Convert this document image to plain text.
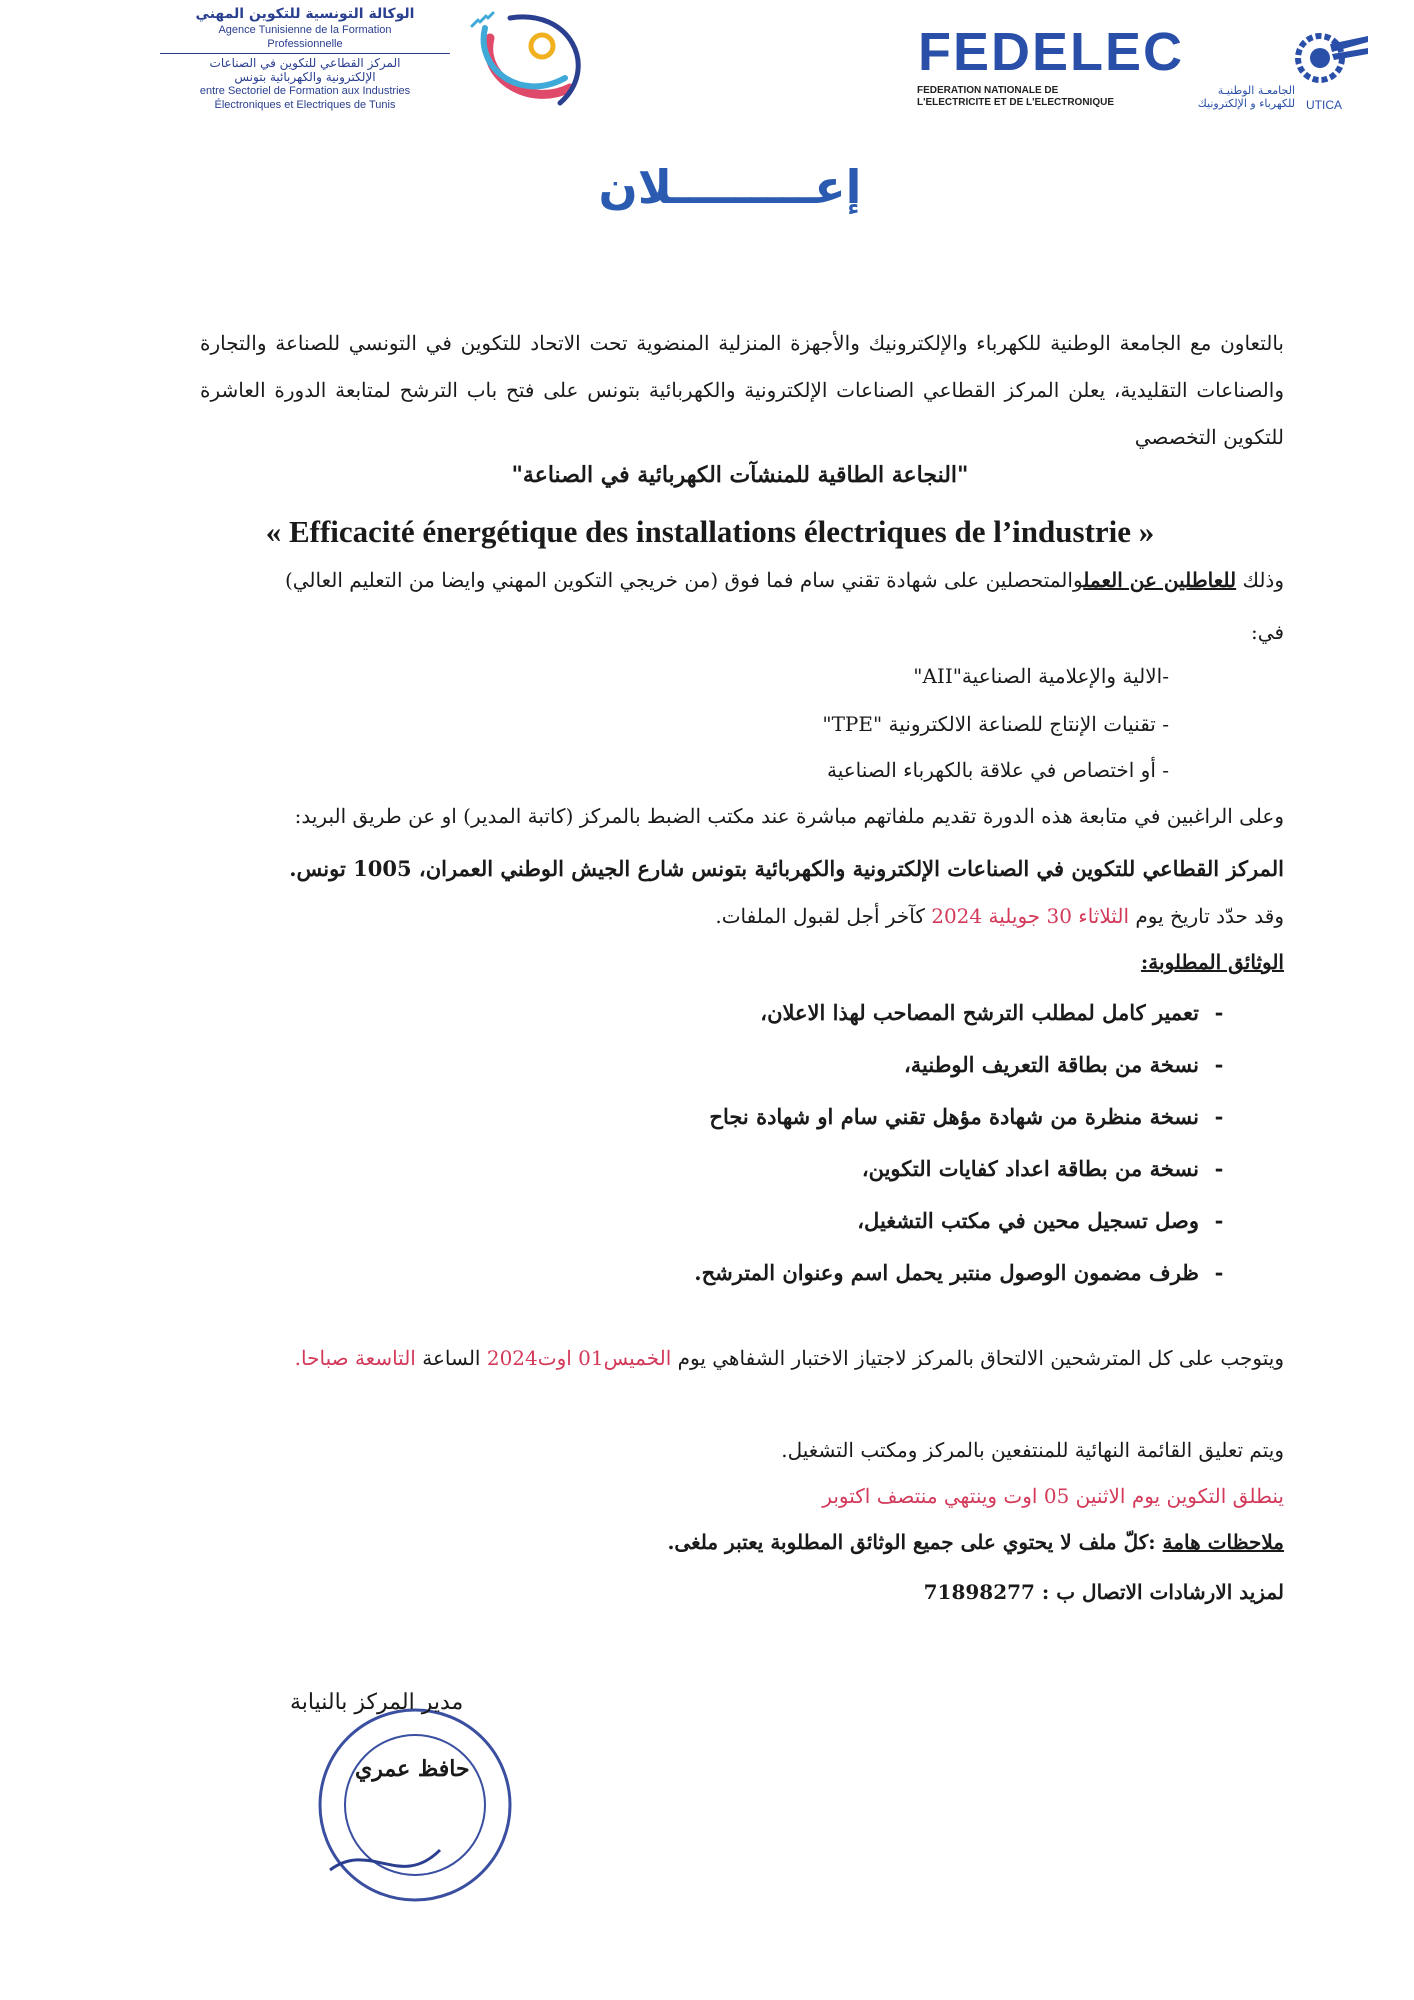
الوكالة التونسية للتكوين المهني
Agence Tunisienne de la Formation
Professionnelle
المركز القطاعي للتكوين في الصناعات
الإلكترونية والكهربائية بتونس
entre Sectoriel de Formation aux Industries
Électroniques et Electriques de Tunis
FEDELEC
FEDERATION NATIONALE DE
L'ELECTRICITE ET DE L'ELECTRONIQUE
الجامعـة الوطنيـة
للكهرباء و الإلكترونيك UTICA
إعـــــــــلان
بالتعاون مع الجامعة الوطنية للكهرباء والإلكترونيك والأجهزة المنزلية المنضوية تحت الاتحاد للتكوين في التونسي للصناعة والتجارة والصناعات التقليدية، يعلن المركز القطاعي الصناعات الإلكترونية والكهربائية بتونس على فتح باب الترشح لمتابعة الدورة العاشرة للتكوين التخصصي
"النجاعة الطاقية للمنشآت الكهربائية في الصناعة"
« Efficacité énergétique des installations électriques de l’industrie »
وذلك للعاطلين عن العملوالمتحصلين على شهادة تقني سام فما فوق (من خريجي التكوين المهني وايضا من التعليم العالي)
في:
-الالية والإعلامية الصناعية"AII"
- تقنيات الإنتاج للصناعة الالكترونية "TPE"
- أو اختصاص في علاقة بالكهرباء الصناعية
وعلى الراغبين في متابعة هذه الدورة تقديم ملفاتهم مباشرة عند مكتب الضبط بالمركز (كاتبة المدير) او عن طريق البريد:
المركز القطاعي للتكوين في الصناعات الإلكترونية والكهربائية بتونس شارع الجيش الوطني العمران، 1005 تونس.
وقد حدّد تاريخ يوم الثلاثاء 30 جويلية 2024 كآخر أجل لقبول الملفات.
الوثائق المطلوبة:
-تعمير كامل لمطلب الترشح المصاحب لهذا الاعلان،
-نسخة من بطاقة التعريف الوطنية،
-نسخة منظرة من شهادة مؤهل تقني سام او شهادة نجاح
-نسخة من بطاقة اعداد كفايات التكوين،
-وصل تسجيل محين في مكتب التشغيل،
-ظرف مضمون الوصول منتبر يحمل اسم وعنوان المترشح.
ويتوجب على كل المترشحين الالتحاق بالمركز لاجتياز الاختبار الشفاهي يوم الخميس01 اوت2024 الساعة التاسعة صباحا.
ويتم تعليق القائمة النهائية للمنتفعين بالمركز ومكتب التشغيل.
ينطلق التكوين يوم الاثنين 05 اوت وينتهي منتصف اكتوبر
ملاحظات هامة :كلّ ملف لا يحتوي على جميع الوثائق المطلوبة يعتبر ملغى.
لمزيد الارشادات الاتصال ب : 71898277
مدير المركز بالنيابة
حافظ عمري
